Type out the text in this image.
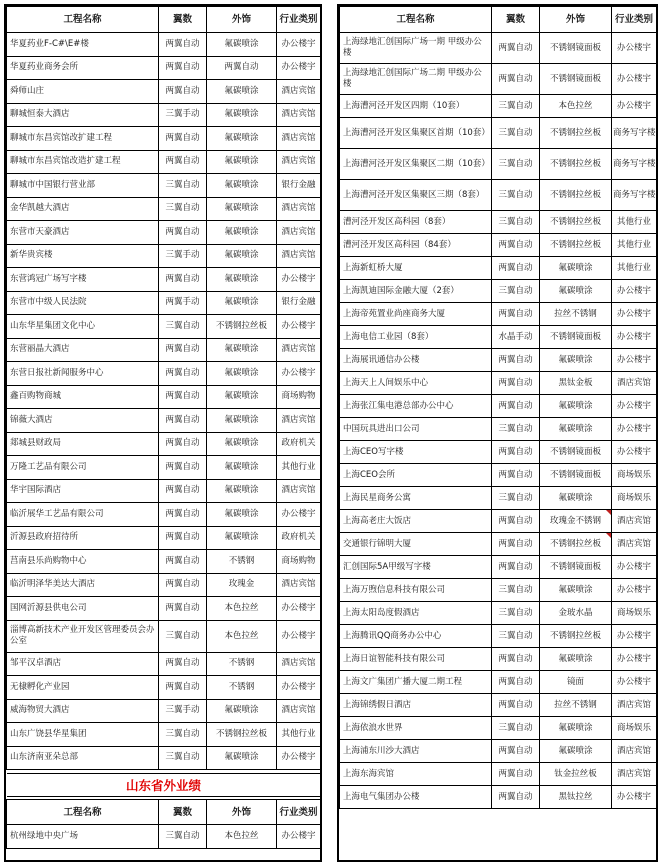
工程名称	翼数	外饰	行业类别
华夏药业F-C#\E#楼	两翼自动	氟碳喷涂	办公楼宇
华夏药业商务会所	两翼自动	两翼自动	办公楼宇
舜师山庄	两翼自动	氟碳喷涂	酒店宾馆
聊城恒泰大酒店	三翼手动	氟碳喷涂	酒店宾馆
聊城市东昌宾馆改扩建工程	两翼自动	氟碳喷涂	酒店宾馆
聊城市东昌宾馆改造扩建工程	两翼自动	氟碳喷涂	酒店宾馆
聊城市中国银行营业部	三翼自动	氟碳喷涂	银行金融
金华凯越大酒店	三翼自动	氟碳喷涂	酒店宾馆
东营市天豪酒店	两翼自动	氟碳喷涂	酒店宾馆
新华贵宾楼	三翼手动	氟碳喷涂	酒店宾馆
东营鸿冠广场写字楼	两翼自动	氟碳喷涂	办公楼宇
东营市中级人民法院	两翼手动	氟碳喷涂	银行金融
山东华星集团文化中心	三翼自动	不锈钢拉丝板	办公楼宇
东营丽晶大酒店	两翼自动	氟碳喷涂	酒店宾馆
东营日报社新闻服务中心	两翼自动	氟碳喷涂	办公楼宇
鑫百购物商城	两翼自动	氟碳喷涂	商场购物
锦薇大酒店	两翼自动	氟碳喷涂	酒店宾馆
郯城县财政局	两翼自动	氟碳喷涂	政府机关
万隆工艺品有限公司	两翼自动	氟碳喷涂	其他行业
华宇国际酒店	两翼自动	氟碳喷涂	酒店宾馆
临沂展华工艺品有限公司	两翼自动	氟碳喷涂	办公楼宇
沂源县政府招待所	两翼自动	氟碳喷涂	政府机关
莒南县乐尚购物中心	两翼自动	不锈钢	商场购物
临沂明泽华美达大酒店	两翼自动	玫瑰金	酒店宾馆
国网沂源县供电公司	两翼自动	本色拉丝	办公楼宇
淄博高新技术产业开发区管理委员会办公室	三翼自动	本色拉丝	办公楼宇
邹平汉卓酒店	两翼自动	不锈钢	酒店宾馆
无棣孵化产业园	两翼自动	不锈钢	办公楼宇
威海物贸大酒店	三翼手动	氟碳喷涂	酒店宾馆
山东广饶县华星集团	三翼自动	不锈钢拉丝板	其他行业
山东济南亚朵总部	三翼自动	氟碳喷涂	办公楼宇

山东省外业绩			

工程名称	翼数	外饰	行业类别
杭州绿地中央广场	三翼自动	本色拉丝	办公楼宇
工程名称	翼数	外饰	行业类别
上海绿地汇创国际广场一期 甲级办公楼	两翼自动	不锈钢镜面板	办公楼宇
上海绿地汇创国际广场二期 甲级办公楼	两翼自动	不锈钢镜面板	办公楼宇
上海漕河泾开发区四期（10套）	三翼自动	本色拉丝	办公楼宇
上海漕河泾开发区集聚区首期（10套）	三翼自动	不锈钢拉丝板	商务写字楼
上海漕河泾开发区集聚区二期（10套）	三翼自动	不锈钢拉丝板	商务写字楼
上海漕河泾开发区集聚区三期（8套）	三翼自动	不锈钢拉丝板	商务写字楼
漕河泾开发区高科园（8套）	三翼自动	不锈钢拉丝板	其他行业
漕河泾开发区高科园（84套）	两翼自动	不锈钢拉丝板	其他行业
上海新虹桥大厦	两翼自动	氟碳喷涂	其他行业
上海凯迪国际金融大厦（2套）	三翼自动	氟碳喷涂	办公楼宇
上海帝苑置业尚座商务大厦	两翼自动	拉丝不锈钢	办公楼宇
上海电信工业园（8套）	水晶手动	不锈钢镜面板	办公楼宇
上海展讯通信办公楼	两翼自动	氟碳喷涂	办公楼宇
上海天上人间娱乐中心	两翼自动	黑钛金板	酒店宾馆
上海张江集电港总部办公中心	两翼自动	氟碳喷涂	办公楼宇
中国玩具进出口公司	三翼自动	氟碳喷涂	办公楼宇
上海CEO写字楼	两翼自动	不锈钢镜面板	办公楼宇
上海CEO会所	两翼自动	不锈钢镜面板	商场娱乐
上海民星商务公寓	三翼自动	氟碳喷涂	商场娱乐
上海高老庄大饭店	两翼自动	玫瑰金不锈钢	酒店宾馆
交通银行锦明大厦	两翼自动	不锈钢拉丝板	酒店宾馆
汇创国际5A甲级写字楼	两翼自动	不锈钢镜面板	办公楼宇
上海万煦信息科技有限公司	三翼自动	氟碳喷涂	办公楼宇
上海太阳岛度假酒店	三翼自动	金玻水晶	商场娱乐
上海腾讯QQ商务办公中心	三翼自动	不锈钢拉丝板	办公楼宇
上海日谊智能科技有限公司	两翼自动	氟碳喷涂	办公楼宇
上海文广集团广播大厦二期工程	两翼自动	镜面	办公楼宇
上海锦绣假日酒店	两翼自动	拉丝不锈钢	酒店宾馆
上海依浪水世界	三翼自动	氟碳喷涂	商场娱乐
上海浦东川沙大酒店	两翼自动	氟碳喷涂	酒店宾馆
上海东海宾馆	两翼自动	钛金拉丝板	酒店宾馆
上海电气集团办公楼	两翼自动	黑钛拉丝	办公楼宇
